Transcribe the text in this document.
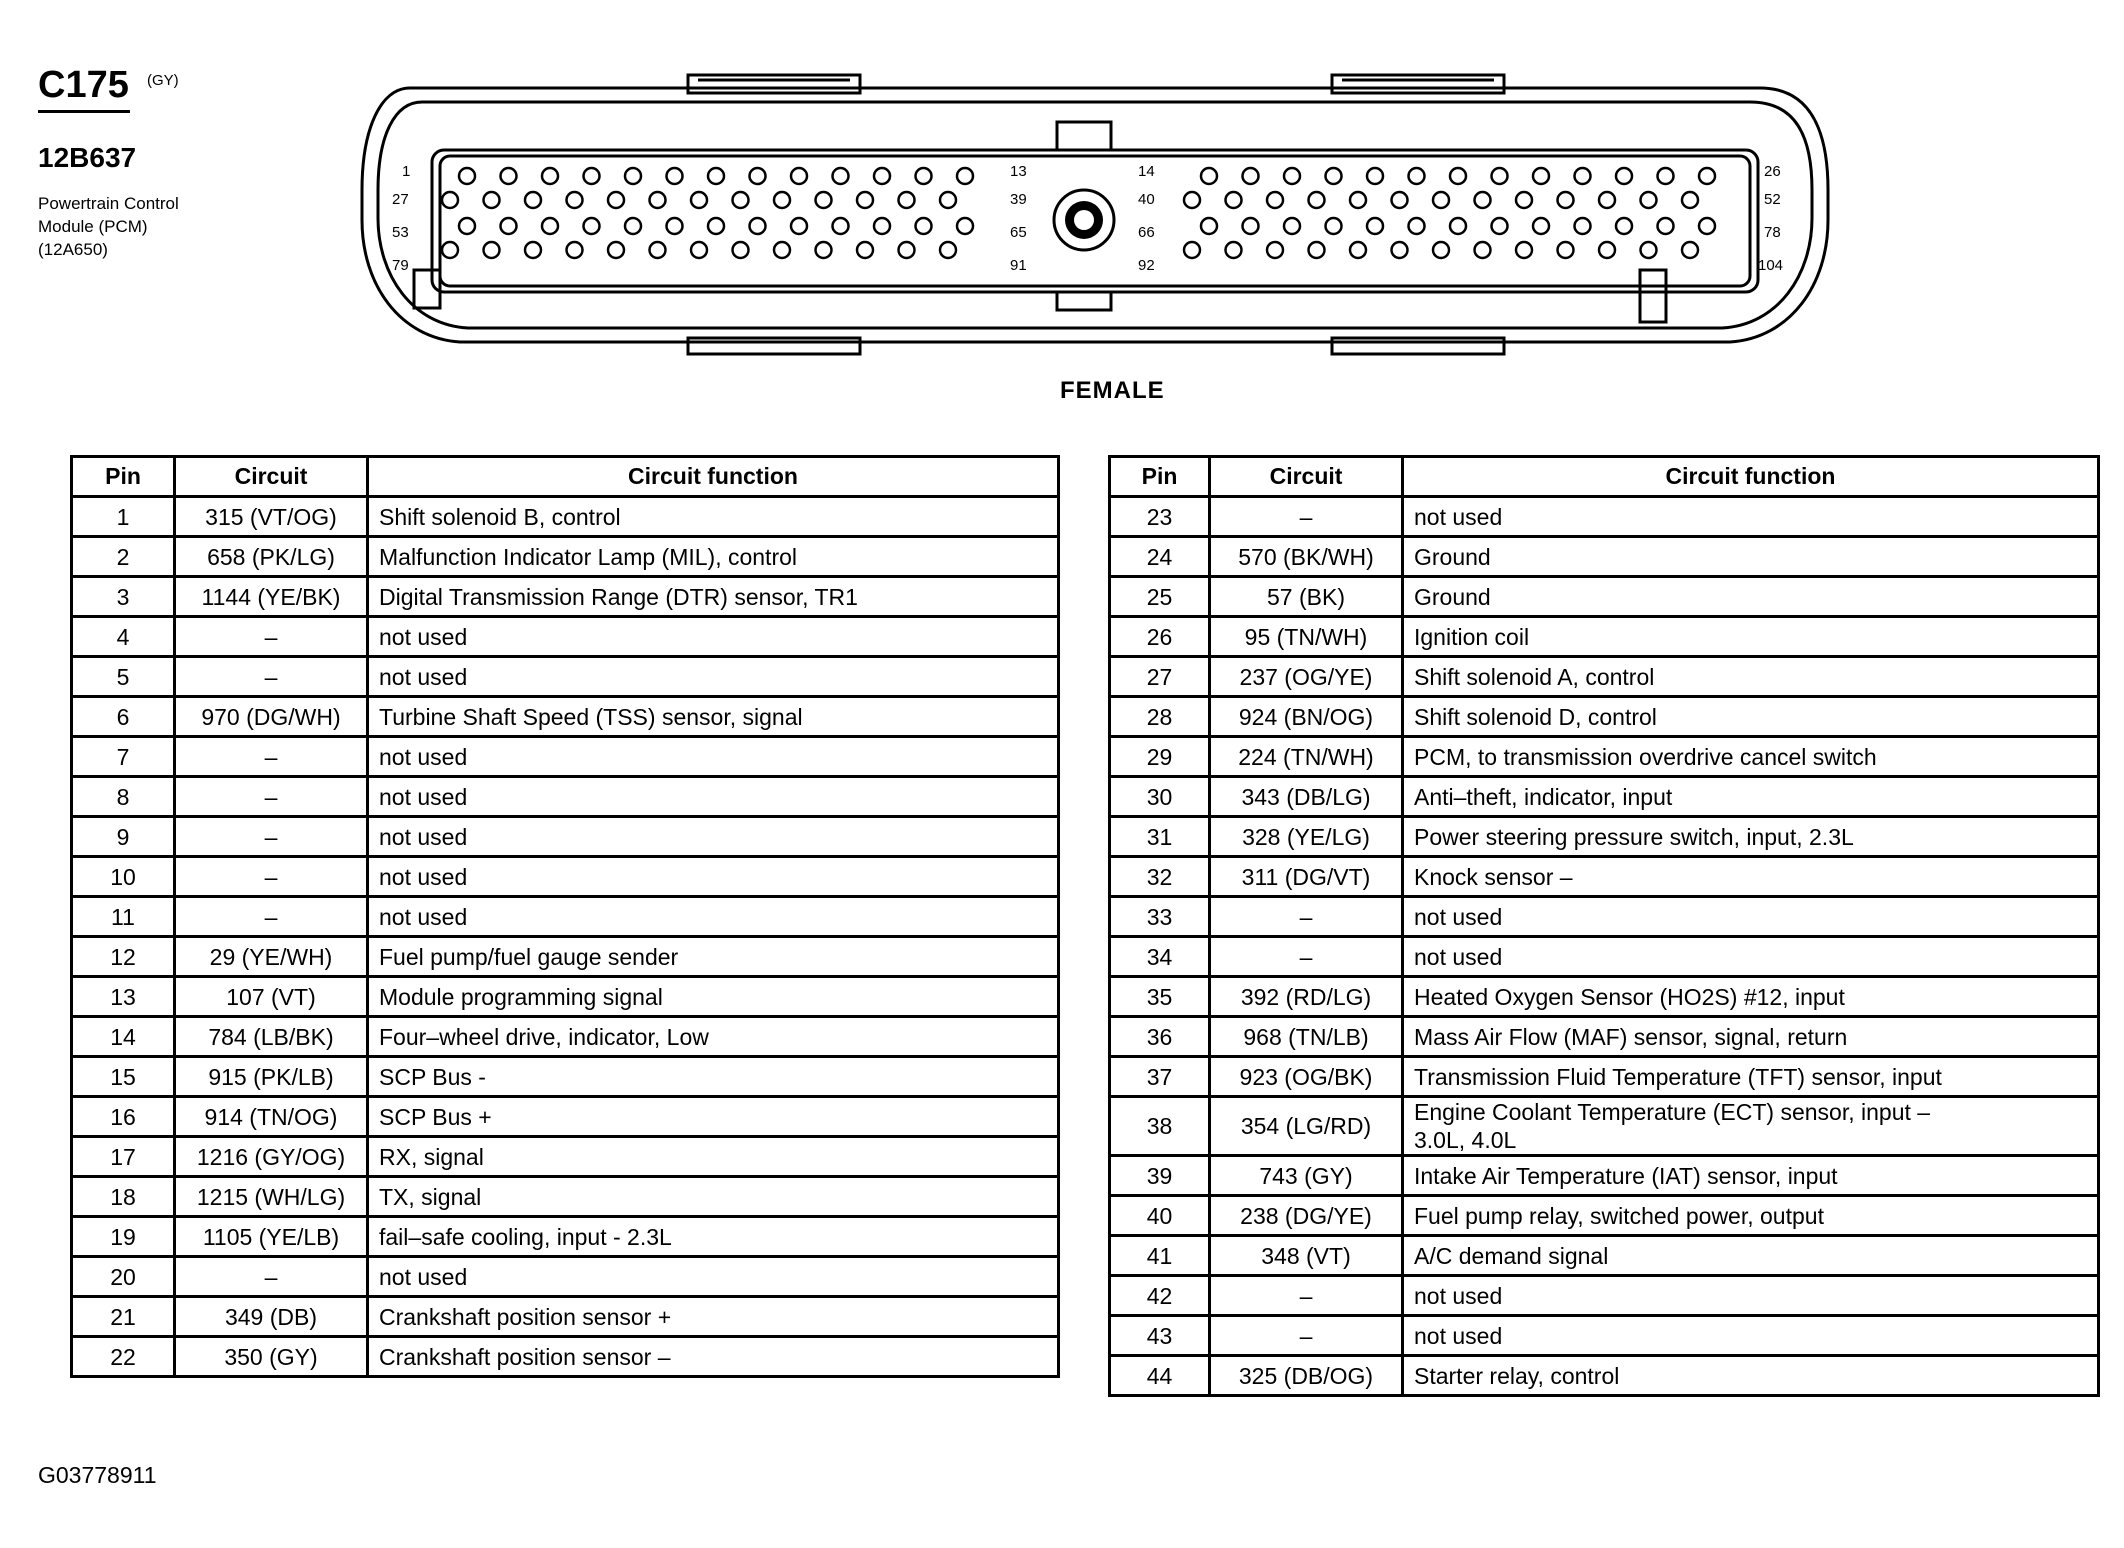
C175 (GY)
12B637
Powertrain Control
Module (PCM)
(12A650)
1
27
53
79
13
39
65
91
14
40
66
92
26
52
78
104
FEMALE
Pin	Circuit	Circuit function
1	315 (VT/OG)	Shift solenoid B, control
2	658 (PK/LG)	Malfunction Indicator Lamp (MIL), control
3	1144 (YE/BK)	Digital Transmission Range (DTR) sensor, TR1
4	–	not used
5	–	not used
6	970 (DG/WH)	Turbine Shaft Speed (TSS) sensor, signal
7	–	not used
8	–	not used
9	–	not used
10	–	not used
11	–	not used
12	29 (YE/WH)	Fuel pump/fuel gauge sender
13	107 (VT)	Module programming signal
14	784 (LB/BK)	Four–wheel drive, indicator, Low
15	915 (PK/LB)	SCP Bus -
16	914 (TN/OG)	SCP Bus +
17	1216 (GY/OG)	RX, signal
18	1215 (WH/LG)	TX, signal
19	1105 (YE/LB)	fail–safe cooling, input - 2.3L
20	–	not used
21	349 (DB)	Crankshaft position sensor +
22	350 (GY)	Crankshaft position sensor –
Pin	Circuit	Circuit function
23	–	not used
24	570 (BK/WH)	Ground
25	57 (BK)	Ground
26	95 (TN/WH)	Ignition coil
27	237 (OG/YE)	Shift solenoid A, control
28	924 (BN/OG)	Shift solenoid D, control
29	224 (TN/WH)	PCM, to transmission overdrive cancel switch
30	343 (DB/LG)	Anti–theft, indicator, input
31	328 (YE/LG)	Power steering pressure switch, input, 2.3L
32	311 (DG/VT)	Knock sensor –
33	–	not used
34	–	not used
35	392 (RD/LG)	Heated Oxygen Sensor (HO2S) #12, input
36	968 (TN/LB)	Mass Air Flow (MAF) sensor, signal, return
37	923 (OG/BK)	Transmission Fluid Temperature (TFT) sensor, input
38	354 (LG/RD)	Engine Coolant Temperature (ECT) sensor, input –
3.0L, 4.0L
39	743 (GY)	Intake Air Temperature (IAT) sensor, input
40	238 (DG/YE)	Fuel pump relay, switched power, output
41	348 (VT)	A/C demand signal
42	–	not used
43	–	not used
44	325 (DB/OG)	Starter relay, control
G03778911
